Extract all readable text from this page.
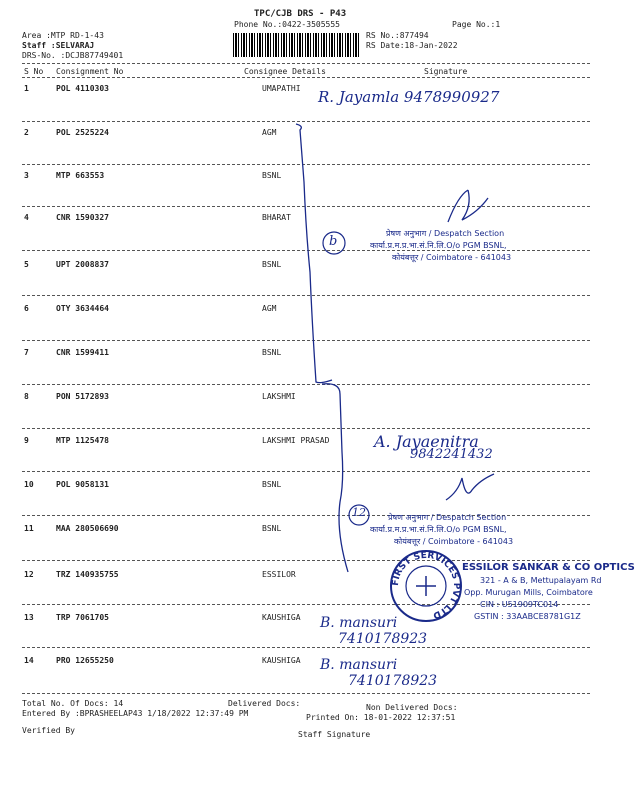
TPC/CJB DRS - P43
Phone No.:0422-3505555	Page No.:1
Area :MTP RD-1-43
Staff :SELVARAJ
DRS-No. :DCJB87749401
RS No.:877494
RS Date:18-Jan-2022
S No Consignment No	Consignee Details	Signature
1	POL 4110303	UMAPATHI
2	POL 2525224	AGM
3	MTP 663553	BSNL
4	CNR 1590327	BHARAT
5	UPT 2008837	BSNL
6	OTY 3634464	AGM
7	CNR 1599411	BSNL
8	PON 5172893	LAKSHMI
9	MTP 1125478	LAKSHMI PRASAD
10	POL 9058131	BSNL
11	MAA 280506690	BSNL
12	TRZ 140935755	ESSILOR
13	TRP 7061705	KAUSHIGA
14	PRO 12655250	KAUSHIGA
R. Jayamla 9478990927
b
12
A. Jayaenitra
9842241432
B. mansuri
7410178923
B. mansuri
7410178923
प्रेषण अनुभाग / Despatch Section
कार्या.प्र.म.प्र.भा.सं.नि.लि.O/o PGM BSNL,
कोयंबत्तूर / Coimbatore - 641043
प्रेषण अनुभाग / Despatch Section
कार्या.प्र.म.प्र.भा.सं.नि.लि.O/o PGM BSNL,
कोयंबत्तूर / Coimbatore - 641043
FIRST SERVICES PVT LTD
ESSILOR SANKAR & CO OPTICS
321 - A & B, Mettupalayam Rd
Opp. Murugan Mills, Coimbatore
CIN : U51909TC014
GSTIN : 33AABCE8781G1Z
Total No. Of Docs: 14	Delivered Docs:	Non Delivered Docs:
Entered By :BPRASHEELAP43 1/18/2022 12:37:49 PM	Printed On: 18-01-2022 12:37:51
Verified By	Staff Signature
